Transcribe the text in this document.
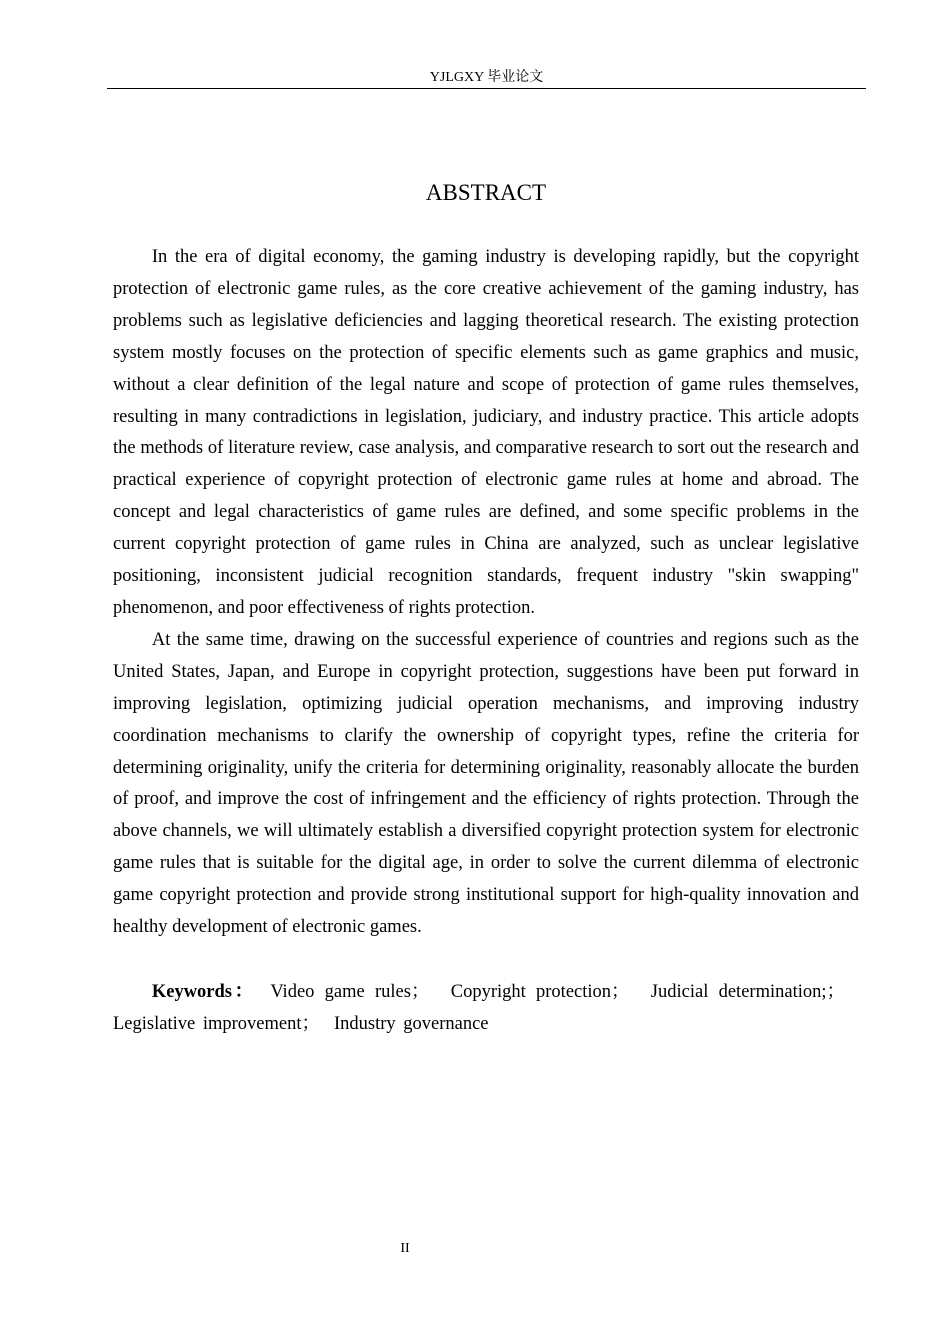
YJLGXY 毕业论文
ABSTRACT

In the era of digital economy, the gaming industry is developing rapidly, but the copyright protection of electronic game rules, as the core creative achievement of the gaming industry, has problems such as legislative deficiencies and lagging theoretical research. The existing protection system mostly focuses on the protection of specific elements such as game graphics and music, without a clear definition of the legal nature and scope of protection of game rules themselves, resulting in many contradictions in legislation, judiciary, and industry practice. This article adopts the methods of literature review, case analysis, and comparative research to sort out the research and practical experience of copyright protection of electronic game rules at home and abroad. The concept and legal characteristics of game rules are defined, and some specific problems in the current copyright protection of game rules in China are analyzed, such as unclear legislative positioning, inconsistent judicial recognition standards, frequent industry "skin swapping" phenomenon, and poor effectiveness of rights protection.

At the same time, drawing on the successful experience of countries and regions such as the United States, Japan, and Europe in copyright protection, suggestions have been put forward in improving legislation, optimizing judicial operation mechanisms, and improving industry coordination mechanisms to clarify the ownership of copyright types, refine the criteria for determining originality, unify the criteria for determining originality, reasonably allocate the burden of proof, and improve the cost of infringement and the efficiency of rights protection. Through the above channels, we will ultimately establish a diversified copyright protection system for electronic game rules that is suitable for the digital age, in order to solve the current dilemma of electronic game copyright protection and provide strong institutional support for high-quality innovation and healthy development of electronic games.

Keywords： Video game rules； Copyright protection； Judicial determination;； Legislative improvement； Industry governance

II
